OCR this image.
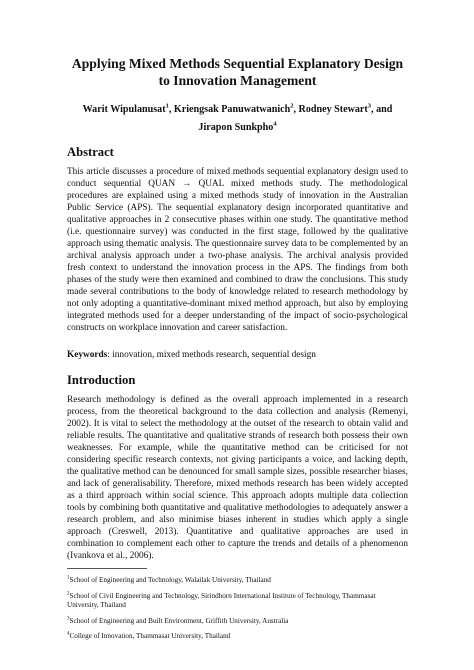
Applying Mixed Methods Sequential Explanatory Design to Innovation Management
Warit Wipulanusat$^1$, Kriengsak Panuwatwanich$^2$, Rodney Stewart$^3$, and
Jirapon Sunkpho$^4$
Abstract

This article discusses a procedure of mixed methods sequential explanatory design used to conduct sequential QUAN → QUAL mixed methods study. The methodological procedures are explained using a mixed methods study of innovation in the Australian Public Service (APS). The sequential explanatory design incorporated quantitative and qualitative approaches in 2 consecutive phases within one study. The quantitative method (i.e. questionnaire survey) was conducted in the first stage, followed by the qualitative approach using thematic analysis. The questionnaire survey data to be complemented by an archival analysis approach under a two-phase analysis. The archival analysis provided fresh context to understand the innovation process in the APS. The findings from both phases of the study were then examined and combined to draw the conclusions. This study made several contributions to the body of knowledge related to research methodology by not only adopting a quantitative-dominant mixed method approach, but also by employing integrated methods used for a deeper understanding of the impact of socio-psychological constructs on workplace innovation and career satisfaction.

Keywords: innovation, mixed methods research, sequential design

Introduction

Research methodology is defined as the overall approach implemented in a research process, from the theoretical background to the data collection and analysis (Remenyi, 2002). It is vital to select the methodology at the outset of the research to obtain valid and reliable results. The quantitative and qualitative strands of research both possess their own weaknesses. For example, while the quantitative method can be criticised for not considering specific research contexts, not giving participants a voice, and lacking depth, the qualitative method can be denounced for small sample sizes, possible researcher biases, and lack of generalisability. Therefore, mixed methods research has been widely accepted as a third approach within social science. This approach adopts multiple data collection tools by combining both quantitative and qualitative methodologies to adequately answer a research problem, and also minimise biases inherent in studies which apply a single approach (Creswell, 2013). Quantitative and qualitative approaches are used in combination to complement each other to capture the trends and details of a phenomenon (Ivankova et al., 2006).

$^1$School of Engineering and Technology, Walailak University, Thailand

$^2$School of Civil Engineering and Technology, Sirindhorn International Institute of Technology, Thammasat University, Thailand

$^3$School of Engineering and Built Environment, Griffith University, Australia

$^4$College of Innovation, Thammasat University, Thailand
